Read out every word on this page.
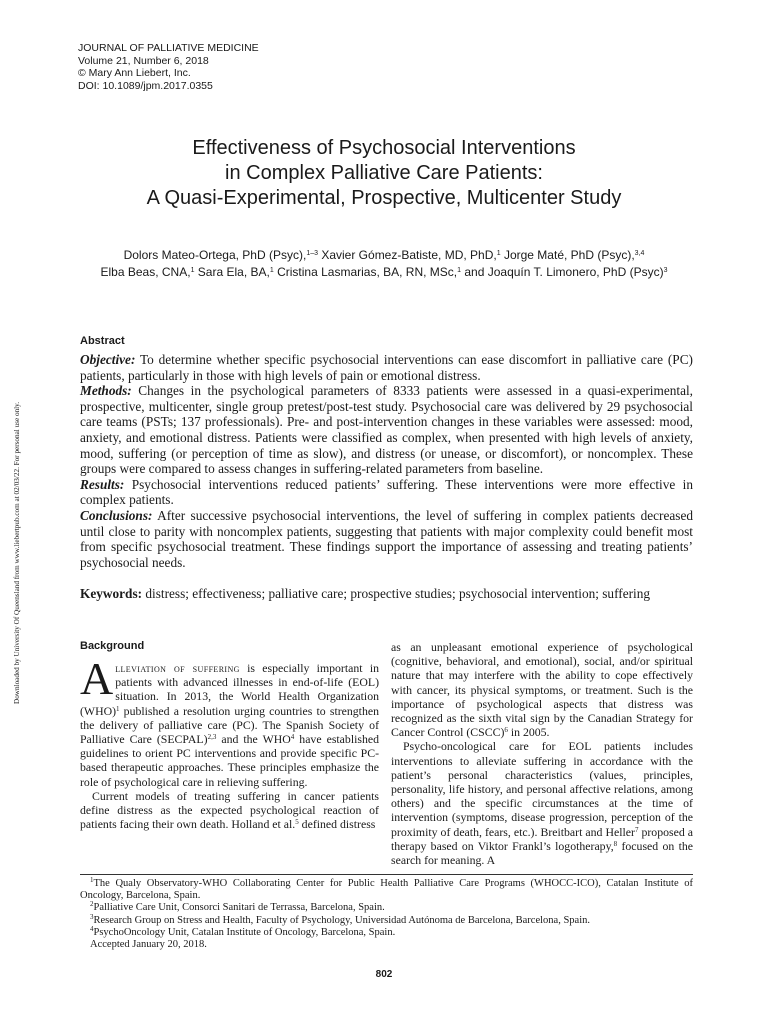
JOURNAL OF PALLIATIVE MEDICINE
Volume 21, Number 6, 2018
© Mary Ann Liebert, Inc.
DOI: 10.1089/jpm.2017.0355
Downloaded by University Of Queensland from www.liebertpub.com at 02/03/22. For personal use only.
Effectiveness of Psychosocial Interventions
in Complex Palliative Care Patients:
A Quasi-Experimental, Prospective, Multicenter Study
Dolors Mateo-Ortega, PhD (Psyc),$^{1-3}$ Xavier Gómez-Batiste, MD, PhD,$^1$ Jorge Maté, PhD (Psyc),$^{3,4}$
Elba Beas, CNA,$^1$ Sara Ela, BA,$^1$ Cristina Lasmarias, BA, RN, MSc,$^1$ and Joaquín T. Limonero, PhD (Psyc)$^3$
Abstract

Objective: To determine whether specific psychosocial interventions can ease discomfort in palliative care (PC) patients, particularly in those with high levels of pain or emotional distress.

Methods: Changes in the psychological parameters of 8333 patients were assessed in a quasi-experimental, prospective, multicenter, single group pretest/post-test study. Psychosocial care was delivered by 29 psychosocial care teams (PSTs; 137 professionals). Pre- and post-intervention changes in these variables were assessed: mood, anxiety, and emotional distress. Patients were classified as complex, when presented with high levels of anxiety, mood, suffering (or perception of time as slow), and distress (or unease, or discomfort), or noncomplex. These groups were compared to assess changes in suffering-related parameters from baseline.

Results: Psychosocial interventions reduced patients’ suffering. These interventions were more effective in complex patients.

Conclusions: After successive psychosocial interventions, the level of suffering in complex patients decreased until close to parity with noncomplex patients, suggesting that patients with major complexity could benefit most from specific psychosocial treatment. These findings support the importance of assessing and treating patients’ psychosocial needs.

Keywords: distress; effectiveness; palliative care; prospective studies; psychosocial intervention; suffering
Background

Alleviation of suffering is especially important in patients with advanced illnesses in end-of-life (EOL) situation. In 2013, the World Health Organization (WHO)$^1$ published a resolution urging countries to strengthen the delivery of palliative care (PC). The Spanish Society of Palliative Care (SECPAL)$^{2,3}$ and the WHO$^4$ have established guidelines to orient PC interventions and provide specific PC-based therapeutic approaches. These principles emphasize the role of psychological care in relieving suffering.

Current models of treating suffering in cancer patients define distress as the expected psychological reaction of patients facing their own death. Holland et al.$^5$ defined distress

as an unpleasant emotional experience of psychological (cognitive, behavioral, and emotional), social, and/or spiritual nature that may interfere with the ability to cope effectively with cancer, its physical symptoms, or treatment. Such is the importance of psychological aspects that distress was recognized as the sixth vital sign by the Canadian Strategy for Cancer Control (CSCC)$^6$ in 2005.

Psycho-oncological care for EOL patients includes interventions to alleviate suffering in accordance with the patient’s personal characteristics (values, principles, personality, life history, and personal affective relations, among others) and the specific circumstances at the time of intervention (symptoms, disease progression, perception of the proximity of death, fears, etc.). Breitbart and Heller$^7$ proposed a therapy based on Viktor Frankl’s logotherapy,$^8$ focused on the search for meaning. A

$^1$The Qualy Observatory-WHO Collaborating Center for Public Health Palliative Care Programs (WHOCC-ICO), Catalan Institute of Oncology, Barcelona, Spain.
$^2$Palliative Care Unit, Consorci Sanitari de Terrassa, Barcelona, Spain.
$^3$Research Group on Stress and Health, Faculty of Psychology, Universidad Autónoma de Barcelona, Barcelona, Spain.
$^4$PsychoOncology Unit, Catalan Institute of Oncology, Barcelona, Spain.
Accepted January 20, 2018.
802
